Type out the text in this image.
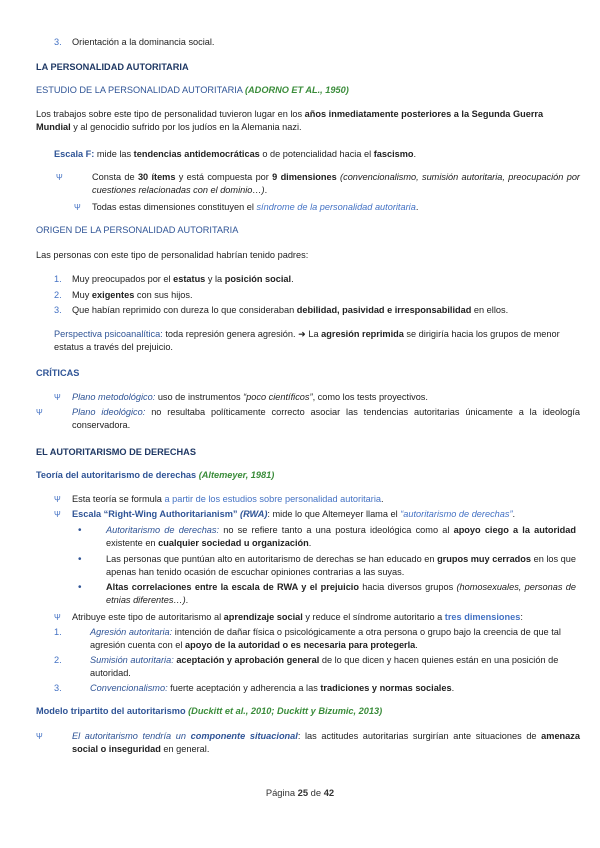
3. Orientación a la dominancia social.
LA PERSONALIDAD AUTORITARIA
ESTUDIO DE LA PERSONALIDAD AUTORITARIA (ADORNO ET AL., 1950)
Los trabajos sobre este tipo de personalidad tuvieron lugar en los años inmediatamente posteriores a la Segunda Guerra Mundial y al genocidio sufrido por los judíos en la Alemania nazi.
Escala F: mide las tendencias antidemocráticas o de potencialidad hacia el fascismo.
Ψ	Consta de 30 ítems y está compuesta por 9 dimensiones (convencionalismo, sumisión autoritaria, preocupación por cuestiones relacionadas con el dominio…).
Ψ Todas estas dimensiones constituyen el síndrome de la personalidad autoritaria.
ORIGEN DE LA PERSONALIDAD AUTORITARIA
Las personas con este tipo de personalidad habrían tenido padres:
1. Muy preocupados por el estatus y la posición social.
2. Muy exigentes con sus hijos.
3. Que habían reprimido con dureza lo que consideraban debilidad, pasividad e irresponsabilidad en ellos.
Perspectiva psicoanalítica: toda represión genera agresión. ➜ La agresión reprimida se dirigiría hacia los grupos de menor estatus a través del prejuicio.
CRÍTICAS
Ψ Plano metodológico: uso de instrumentos “poco científicos”, como los tests proyectivos.
Ψ	Plano ideológico: no resultaba políticamente correcto asociar las tendencias autoritarias únicamente a la ideología conservadora.
EL AUTORITARISMO DE DERECHAS
Teoría del autoritarismo de derechas (Altemeyer, 1981)
Ψ Esta teoría se formula a partir de los estudios sobre personalidad autoritaria.
Ψ Escala “Right-Wing Authoritarianism” (RWA): mide lo que Altemeyer llama el “autoritarismo de derechas”.
•	Autoritarismo de derechas: no se refiere tanto a una postura ideológica como al apoyo ciego a la autoridad existente en cualquier sociedad u organización.
•	Las personas que puntúan alto en autoritarismo de derechas se han educado en grupos muy cerrados en los que apenas han tenido ocasión de escuchar opiniones contrarias a las suyas.
•	Altas correlaciones entre la escala de RWA y el prejuicio hacia diversos grupos (homosexuales, personas de etnias diferentes…).
Ψ Atribuye este tipo de autoritarismo al aprendizaje social y reduce el síndrome autoritario a tres dimensiones:
1.	Agresión autoritaria: intención de dañar física o psicológicamente a otra persona o grupo bajo la creencia de que tal agresión cuenta con el apoyo de la autoridad o es necesaria para protegerla.
2.	Sumisión autoritaria: aceptación y aprobación general de lo que dicen y hacen quienes están en una posición de autoridad.
3.	Convencionalismo: fuerte aceptación y adherencia a las tradiciones y normas sociales.
Modelo tripartito del autoritarismo (Duckitt et al., 2010; Duckitt y Bizumic, 2013)
Ψ	El autoritarismo tendría un componente situacional: las actitudes autoritarias surgirían ante situaciones de amenaza social o inseguridad en general.
Página 25 de 42
